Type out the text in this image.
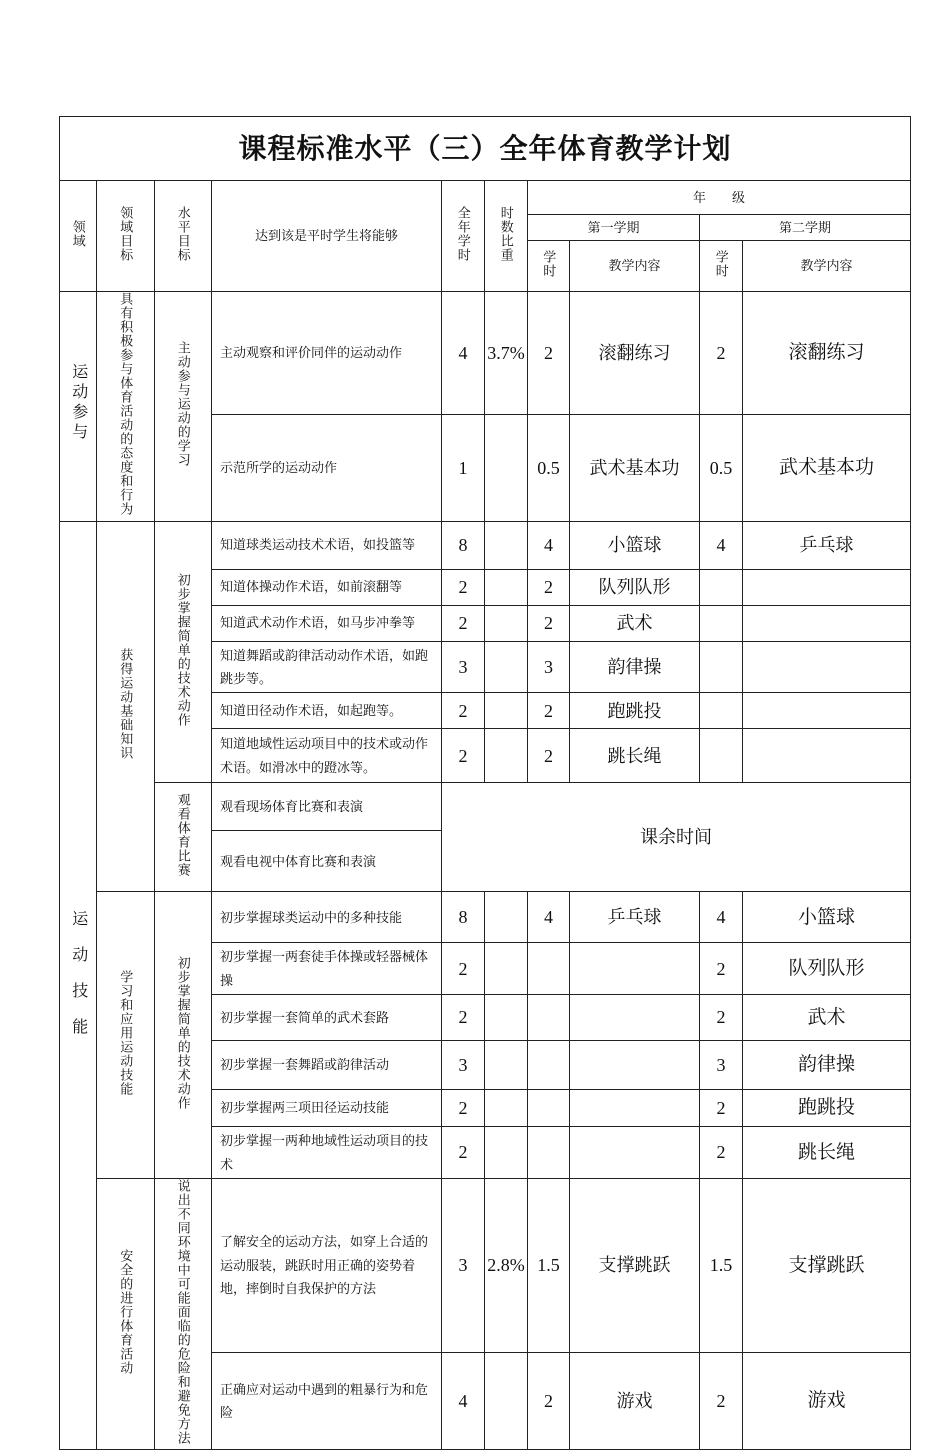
课程标准水平（三）全年体育教学计划									
领域	领域目标	水平目标	达到该是平时学生将能够	全年学时	时数比重	年　　级			
						第一学期		第二学期	
						学时	教学内容	学时	教学内容
运动参与	具有积极参与体育活动的态度和行为	主动参与运动的学习	主动观察和评价同伴的运动动作	4	3.7%	2	滚翻练习	2	滚翻练习
			示范所学的运动动作	1		0.5	武术基本功	0.5	武术基本功
运动技能	获得运动基础知识	初步掌握简单的技术动作	知道球类运动技术术语，如投篮等	8		4	小篮球	4	乒乓球
			知道体操动作术语，如前滚翻等	2		2	队列队形		
			知道武术动作术语，如马步冲拳等	2		2	武术		
			知道舞蹈或韵律活动动作术语，如跑跳步等。	3		3	韵律操		
			知道田径动作术语，如起跑等。	2		2	跑跳投		
			知道地域性运动项目中的技术或动作术语。如滑冰中的蹬冰等。	2		2	跳长绳		
		观看体育比赛	观看现场体育比赛和表演	课余时间					
			观看电视中体育比赛和表演						
	学习和应用运动技能	初步掌握简单的技术动作	初步掌握球类运动中的多种技能	8		4	乒乓球	4	小篮球
			初步掌握一两套徒手体操或轻器械体操	2				2	队列队形
			初步掌握一套简单的武术套路	2				2	武术
			初步掌握一套舞蹈或韵律活动	3				3	韵律操
			初步掌握两三项田径运动技能	2				2	跑跳投
			初步掌握一两种地域性运动项目的技术	2				2	跳长绳
	安全的进行体育活动	说出不同环境中可能面临的危险和避免方法	了解安全的运动方法，如穿上合适的运动服装，跳跃时用正确的姿势着地，摔倒时自我保护的方法	3	2.8%	1.5	支撑跳跃	1.5	支撑跳跃
			正确应对运动中遇到的粗暴行为和危险	4		2	游戏	2	游戏
